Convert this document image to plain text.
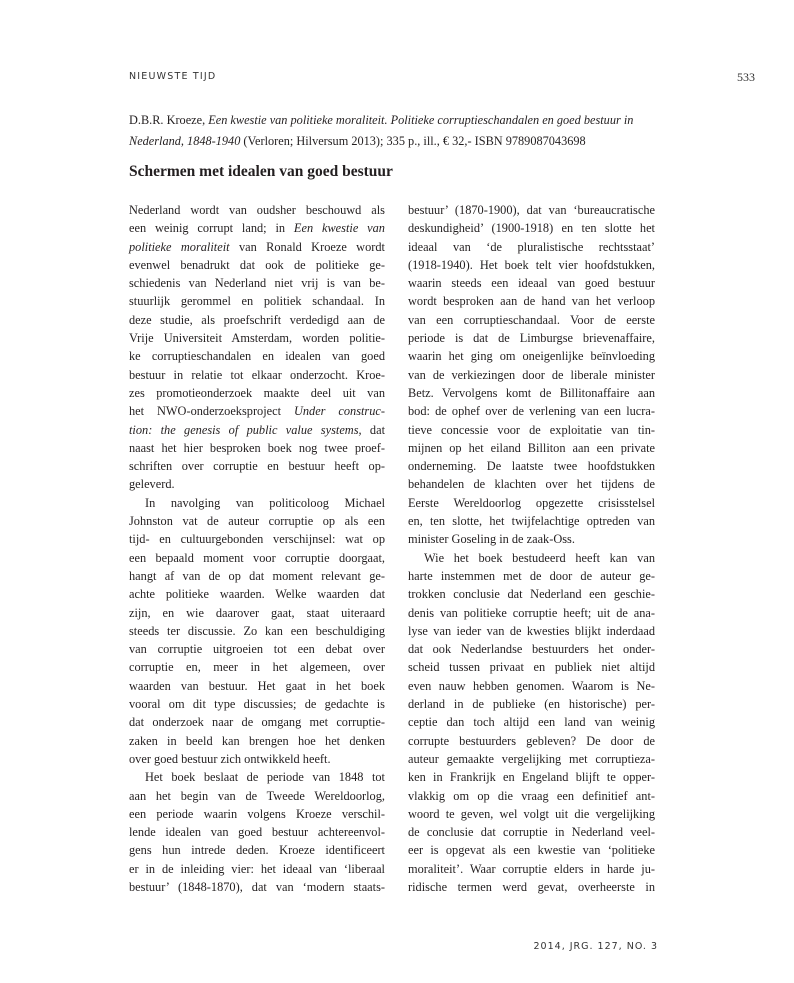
NIEUWSTE TIJD	533
D.B.R. Kroeze, Een kwestie van politieke moraliteit. Politieke corruptieschandalen en goed bestuur in
Nederland, 1848-1940 (Verloren; Hilversum 2013); 335 p., ill., € 32,- ISBN 9789087043698
Schermen met idealen van goed bestuur
Nederland wordt van oudsher beschouwd als
een weinig corrupt land; in Een kwestie van
politieke moraliteit van Ronald Kroeze wordt
evenwel benadrukt dat ook de politieke ge-
schiedenis van Nederland niet vrij is van be-
stuurlijk gerommel en politiek schandaal. In
deze studie, als proefschrift verdedigd aan de
Vrije Universiteit Amsterdam, worden politie-
ke corruptieschandalen en idealen van goed
bestuur in relatie tot elkaar onderzocht. Kroe-
zes promotieonderzoek maakte deel uit van
het NWO-onderzoeksproject Under construc-
tion: the genesis of public value systems, dat
naast het hier besproken boek nog twee proef-
schriften over corruptie en bestuur heeft op-
geleverd.
In navolging van politicoloog Michael
Johnston vat de auteur corruptie op als een
tijd- en cultuurgebonden verschijnsel: wat op
een bepaald moment voor corruptie doorgaat,
hangt af van de op dat moment relevant ge-
achte politieke waarden. Welke waarden dat
zijn, en wie daarover gaat, staat uiteraard
steeds ter discussie. Zo kan een beschuldiging
van corruptie uitgroeien tot een debat over
corruptie en, meer in het algemeen, over
waarden van bestuur. Het gaat in het boek
vooral om dit type discussies; de gedachte is
dat onderzoek naar de omgang met corruptie-
zaken in beeld kan brengen hoe het denken
over goed bestuur zich ontwikkeld heeft.
Het boek beslaat de periode van 1848 tot
aan het begin van de Tweede Wereldoorlog,
een periode waarin volgens Kroeze verschil-
lende idealen van goed bestuur achtereenvol-
gens hun intrede deden. Kroeze identificeert
er in de inleiding vier: het ideaal van ‘liberaal
bestuur’ (1848-1870), dat van ‘modern staats-
bestuur’ (1870-1900), dat van ‘bureaucratische
deskundigheid’ (1900-1918) en ten slotte het
ideaal van ‘de pluralistische rechtsstaat’
(1918-1940). Het boek telt vier hoofdstukken,
waarin steeds een ideaal van goed bestuur
wordt besproken aan de hand van het verloop
van een corruptieschandaal. Voor de eerste
periode is dat de Limburgse brievenaffaire,
waarin het ging om oneigenlijke beïnvloeding
van de verkiezingen door de liberale minister
Betz. Vervolgens komt de Billitonaffaire aan
bod: de ophef over de verlening van een lucra-
tieve concessie voor de exploitatie van tin-
mijnen op het eiland Billiton aan een private
onderneming. De laatste twee hoofdstukken
behandelen de klachten over het tijdens de
Eerste Wereldoorlog opgezette crisisstelsel
en, ten slotte, het twijfelachtige optreden van
minister Goseling in de zaak-Oss.
Wie het boek bestudeerd heeft kan van
harte instemmen met de door de auteur ge-
trokken conclusie dat Nederland een geschie-
denis van politieke corruptie heeft; uit de ana-
lyse van ieder van de kwesties blijkt inderdaad
dat ook Nederlandse bestuurders het onder-
scheid tussen privaat en publiek niet altijd
even nauw hebben genomen. Waarom is Ne-
derland in de publieke (en historische) per-
ceptie dan toch altijd een land van weinig
corrupte bestuurders gebleven? De door de
auteur gemaakte vergelijking met corruptieza-
ken in Frankrijk en Engeland blijft te opper-
vlakkig om op die vraag een definitief ant-
woord te geven, wel volgt uit die vergelijking
de conclusie dat corruptie in Nederland veel-
eer is opgevat als een kwestie van ‘politieke
moraliteit’. Waar corruptie elders in harde ju-
ridische termen werd gevat, overheerste in
2014, JRG. 127, NO. 3
